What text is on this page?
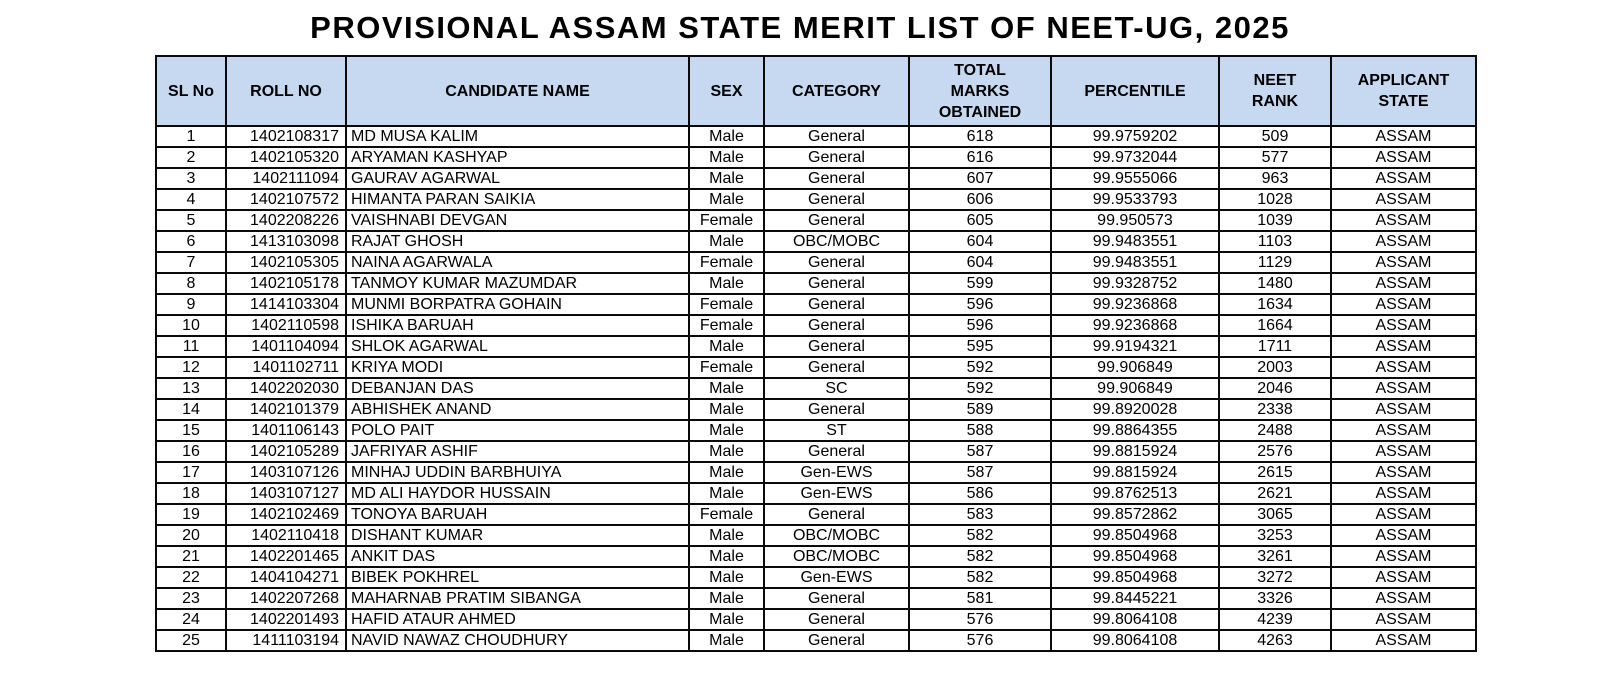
PROVISIONAL ASSAM STATE MERIT LIST OF NEET-UG, 2025
SL No	ROLL NO	CANDIDATE NAME	SEX	CATEGORY	TOTAL MARKS OBTAINED	PERCENTILE	NEET RANK	APPLICANT STATE
1	1402108317	MD MUSA KALIM	Male	General	618	99.9759202	509	ASSAM
2	1402105320	ARYAMAN KASHYAP	Male	General	616	99.9732044	577	ASSAM
3	1402111094	GAURAV AGARWAL	Male	General	607	99.9555066	963	ASSAM
4	1402107572	HIMANTA PARAN SAIKIA	Male	General	606	99.9533793	1028	ASSAM
5	1402208226	VAISHNABI DEVGAN	Female	General	605	99.950573	1039	ASSAM
6	1413103098	RAJAT GHOSH	Male	OBC/MOBC	604	99.9483551	1103	ASSAM
7	1402105305	NAINA AGARWALA	Female	General	604	99.9483551	1129	ASSAM
8	1402105178	TANMOY KUMAR MAZUMDAR	Male	General	599	99.9328752	1480	ASSAM
9	1414103304	MUNMI BORPATRA GOHAIN	Female	General	596	99.9236868	1634	ASSAM
10	1402110598	ISHIKA BARUAH	Female	General	596	99.9236868	1664	ASSAM
11	1401104094	SHLOK AGARWAL	Male	General	595	99.9194321	1711	ASSAM
12	1401102711	KRIYA MODI	Female	General	592	99.906849	2003	ASSAM
13	1402202030	DEBANJAN DAS	Male	SC	592	99.906849	2046	ASSAM
14	1402101379	ABHISHEK ANAND	Male	General	589	99.8920028	2338	ASSAM
15	1401106143	POLO PAIT	Male	ST	588	99.8864355	2488	ASSAM
16	1402105289	JAFRIYAR ASHIF	Male	General	587	99.8815924	2576	ASSAM
17	1403107126	MINHAJ UDDIN BARBHUIYA	Male	Gen-EWS	587	99.8815924	2615	ASSAM
18	1403107127	MD ALI HAYDOR HUSSAIN	Male	Gen-EWS	586	99.8762513	2621	ASSAM
19	1402102469	TONOYA BARUAH	Female	General	583	99.8572862	3065	ASSAM
20	1402110418	DISHANT KUMAR	Male	OBC/MOBC	582	99.8504968	3253	ASSAM
21	1402201465	ANKIT DAS	Male	OBC/MOBC	582	99.8504968	3261	ASSAM
22	1404104271	BIBEK POKHREL	Male	Gen-EWS	582	99.8504968	3272	ASSAM
23	1402207268	MAHARNAB PRATIM SIBANGA	Male	General	581	99.8445221	3326	ASSAM
24	1402201493	HAFID ATAUR AHMED	Male	General	576	99.8064108	4239	ASSAM
25	1411103194	NAVID NAWAZ CHOUDHURY	Male	General	576	99.8064108	4263	ASSAM
